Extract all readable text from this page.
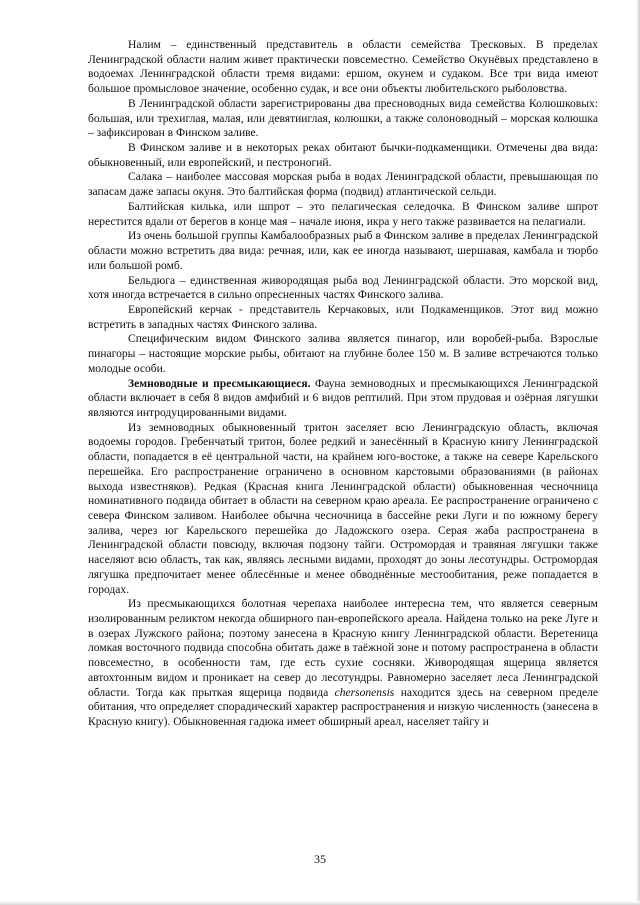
Налим – единственный представитель в области семейства Тресковых. В пределах Ленинградской области налим живет практически повсеместно. Семейство Окунёвых представлено в водоемах Ленинградской области тремя видами: ершом, окунем и судаком. Все три вида имеют большое промысловое значение, особенно судак, и все они объекты любительского рыболовства.

В Ленинградской области зарегистрированы два пресноводных вида семейства Колюшковых: большая, или трехиглая, малая, или девятииглая, колюшки, а также солоноводный – морская колюшка – зафиксирован в Финском заливе.

В Финском заливе и в некоторых реках обитают бычки-подкаменщики. Отмечены два вида: обыкновенный, или европейский, и пестроногий.

Салака – наиболее массовая морская рыба в водах Ленинградской области, превышающая по запасам даже запасы окуня. Это балтийская форма (подвид) атлантической сельди.

Балтийская килька, или шпрот – это пелагическая селедочка. В Финском заливе шпрот нерестится вдали от берегов в конце мая – начале июня, икра у него также развивается на пелагиали.

Из очень большой группы Камбалообразных рыб в Финском заливе в пределах Ленинградской области можно встретить два вида: речная, или, как ее иногда называют, шершавая, камбала и тюрбо или большой ромб.

Бельдюга – единственная живородящая рыба вод Ленинградской области. Это морской вид, хотя иногда встречается в сильно опресненных частях Финского залива.

Европейский керчак - представитель Керчаковых, или Подкаменщиков. Этот вид можно встретить в западных частях Финского залива.

Специфическим видом Финского залива является пинагор, или воробей-рыба. Взрослые пинагоры – настоящие морские рыбы, обитают на глубине более 150 м. В заливе встречаются только молодые особи.

Земноводные и пресмыкающиеся. Фауна земноводных и пресмыкающихся Ленинградской области включает в себя 8 видов амфибий и 6 видов рептилий. При этом прудовая и озёрная лягушки являются интродуцированными видами.

Из земноводных обыкновенный тритон заселяет всю Ленинградскую область, включая водоемы городов. Гребенчатый тритон, более редкий и занесённый в Красную книгу Ленинградской области, попадается в её центральной части, на крайнем юго-востоке, а также на севере Карельского перешейка. Его распространение ограничено в основном карстовыми образованиями (в районах выхода известняков). Редкая (Красная книга Ленинградской области) обыкновенная чесночница номинативного подвида обитает в области на северном краю ареала. Ее распространение ограничено с севера Финском заливом. Наиболее обычна чесночница в бассейне реки Луги и по южному берегу залива, через юг Карельского перешейка до Ладожского озера. Серая жаба распространена в Ленинградской области повсюду, включая подзону тайги. Остромордая и травяная лягушки также населяют всю область, так как, являясь лесными видами, проходят до зоны лесотундры. Остромордая лягушка предпочитает менее облесённые и менее обводнённые местообитания, реже попадается в городах.

Из пресмыкающихся болотная черепаха наиболее интересна тем, что является северным изолированным реликтом некогда обширного пан-европейского ареала. Найдена только на реке Луге и в озерах Лужского района; поэтому занесена в Красную книгу Ленинградской области. Веретеница ломкая восточного подвида способна обитать даже в таёжной зоне и потому распространена в области повсеместно, в особенности там, где есть сухие сосняки. Живородящая ящерица является автохтонным видом и проникает на север до лесотундры. Равномерно заселяет леса Ленинградской области. Тогда как прыткая ящерица подвида chersonensis находится здесь на северном пределе обитания, что определяет спорадический характер распространения и низкую численность (занесена в Красную книгу). Обыкновенная гадюка имеет обширный ареал, населяет тайгу и

35
